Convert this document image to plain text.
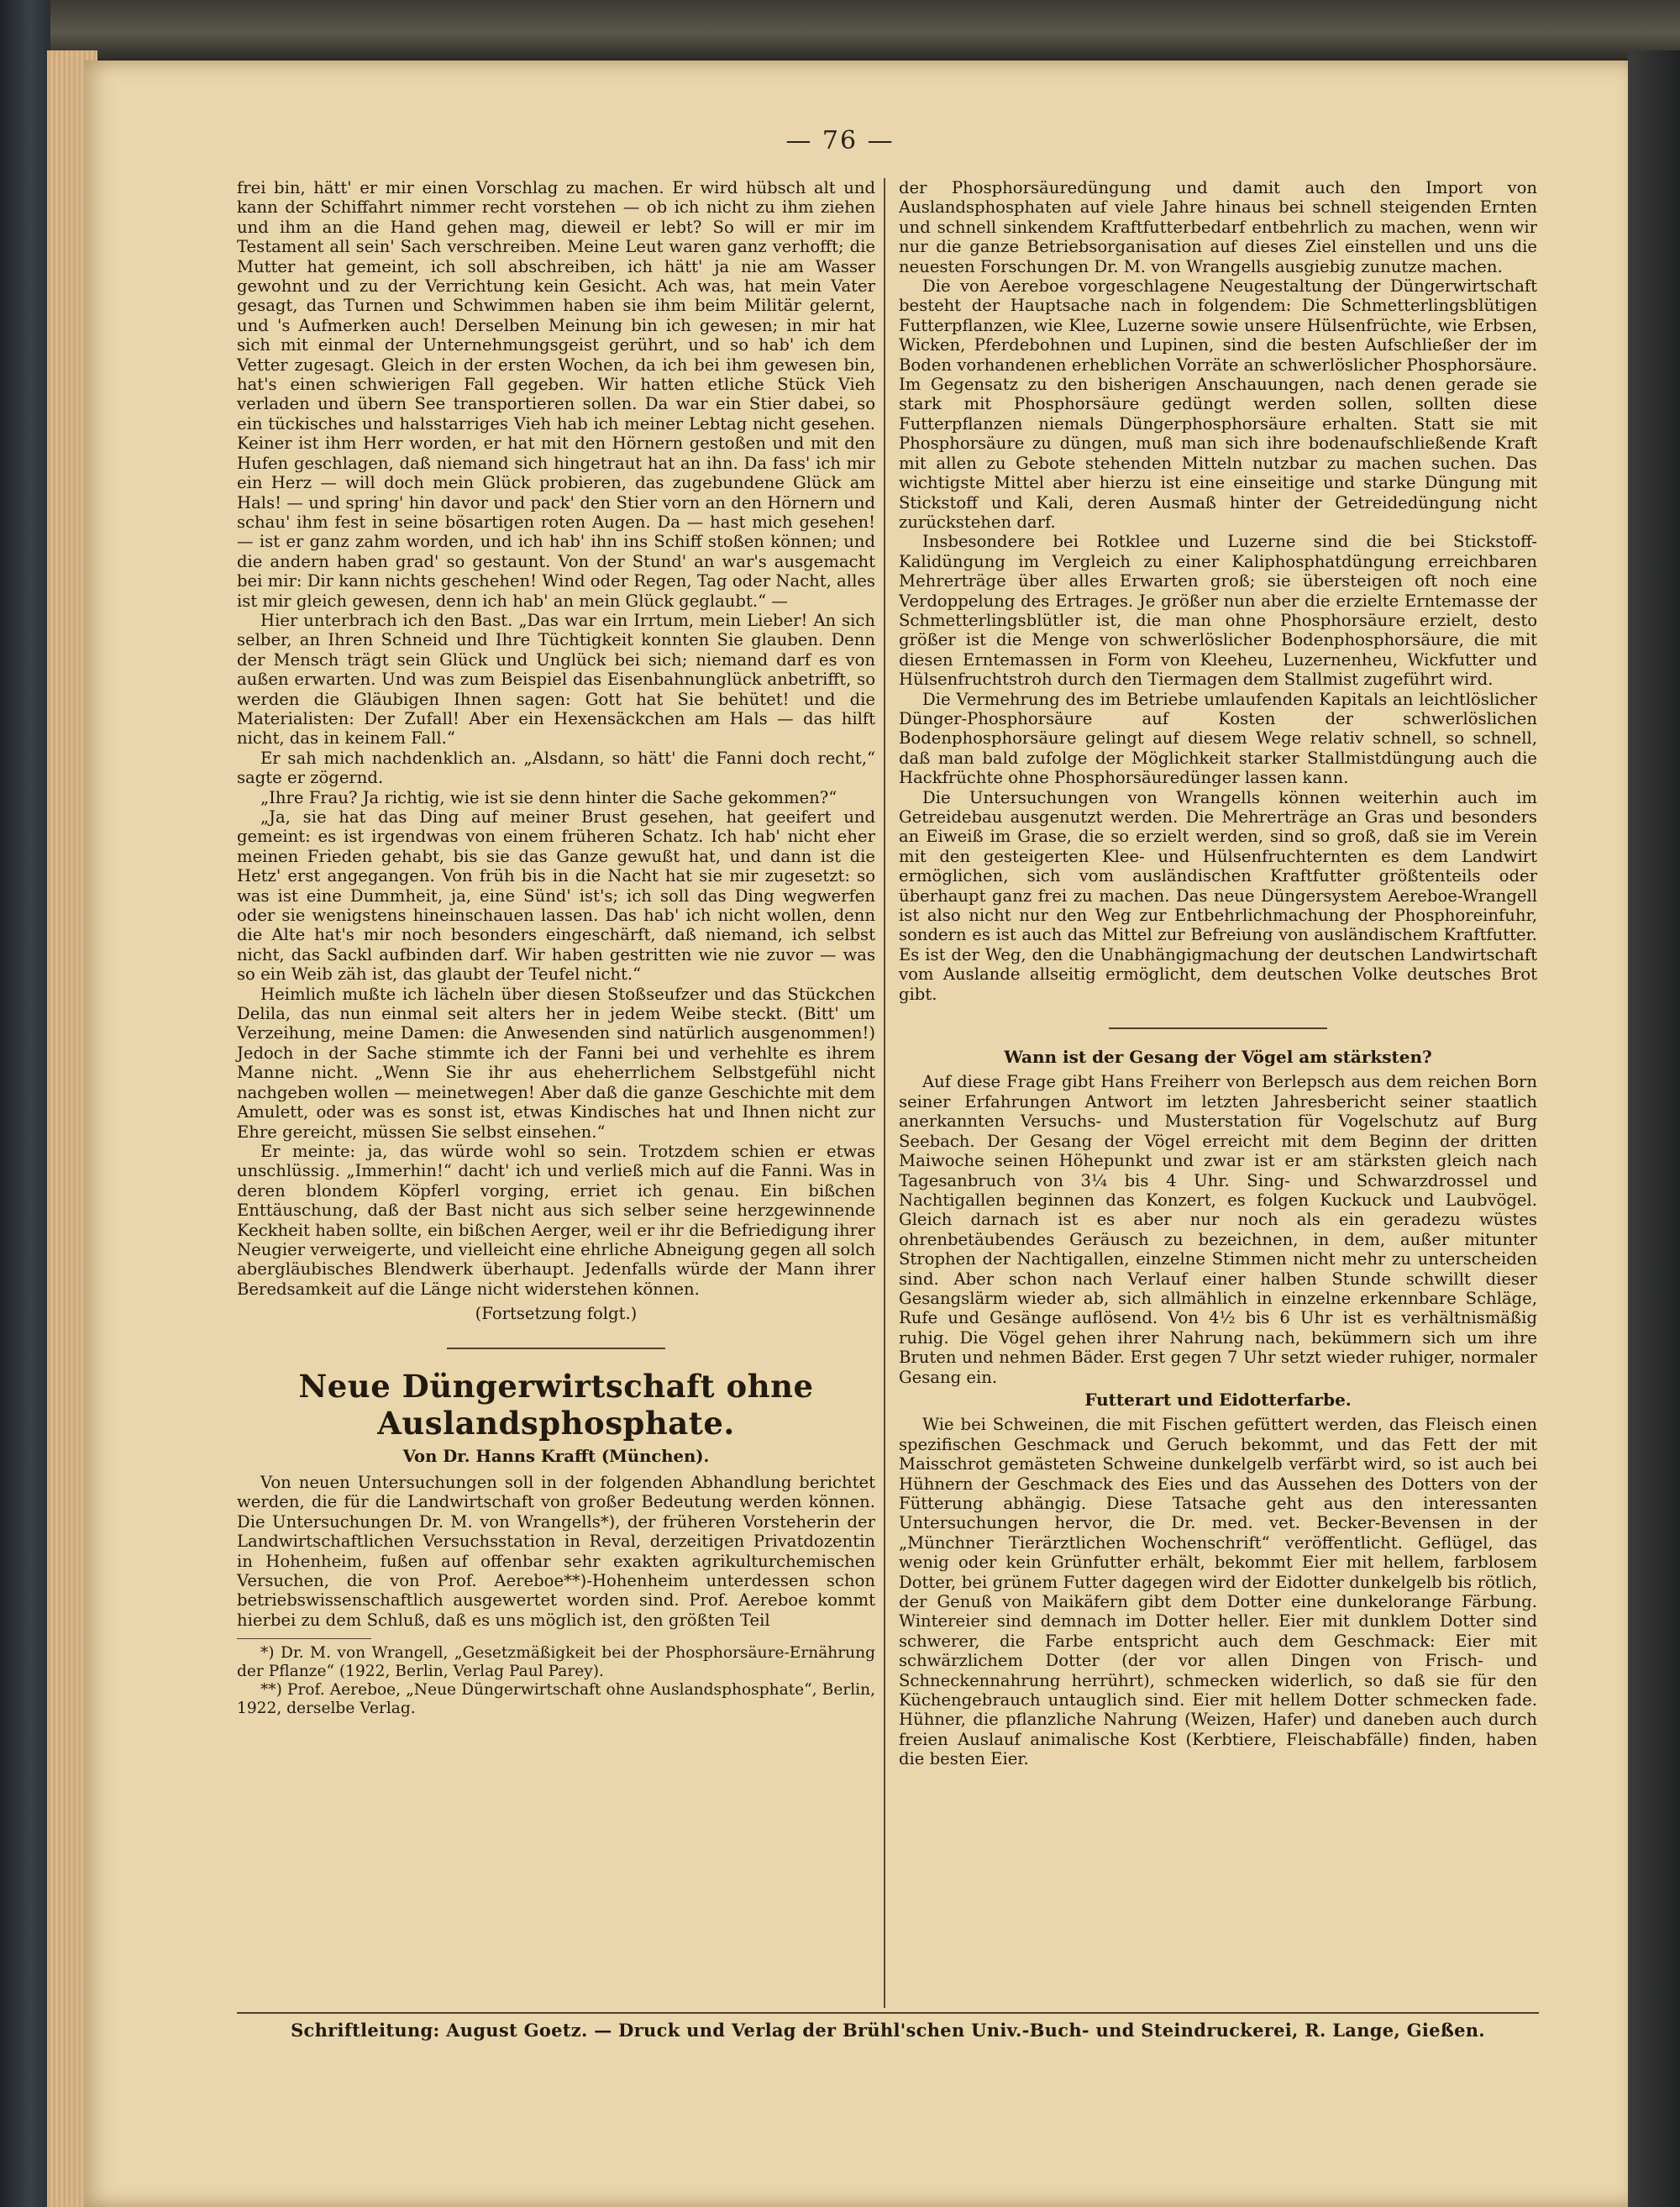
— 76 —

frei bin, hätt' er mir einen Vorschlag zu machen. Er wird hübsch alt und kann der Schiffahrt nimmer recht vorstehen — ob ich nicht zu ihm ziehen und ihm an die Hand gehen mag, dieweil er lebt? So will er mir im Testament all sein' Sach verschreiben. Meine Leut waren ganz verhofft; die Mutter hat gemeint, ich soll abschreiben, ich hätt' ja nie am Wasser gewohnt und zu der Verrichtung kein Gesicht. Ach was, hat mein Vater gesagt, das Turnen und Schwimmen haben sie ihm beim Militär gelernt, und 's Aufmerken auch! Derselben Meinung bin ich gewesen; in mir hat sich mit einmal der Unternehmungsgeist gerührt, und so hab' ich dem Vetter zugesagt. Gleich in der ersten Wochen, da ich bei ihm gewesen bin, hat's einen schwierigen Fall gegeben. Wir hatten etliche Stück Vieh verladen und übern See transportieren sollen. Da war ein Stier dabei, so ein tückisches und halsstarriges Vieh hab ich meiner Lebtag nicht gesehen. Keiner ist ihm Herr worden, er hat mit den Hörnern gestoßen und mit den Hufen geschlagen, daß niemand sich hingetraut hat an ihn. Da fass' ich mir ein Herz — will doch mein Glück probieren, das zugebundene Glück am Hals! — und spring' hin davor und pack' den Stier vorn an den Hörnern und schau' ihm fest in seine bösartigen roten Augen. Da — hast mich gesehen! — ist er ganz zahm worden, und ich hab' ihn ins Schiff stoßen können; und die andern haben grad' so gestaunt. Von der Stund' an war's ausgemacht bei mir: Dir kann nichts geschehen! Wind oder Regen, Tag oder Nacht, alles ist mir gleich gewesen, denn ich hab' an mein Glück geglaubt.“ —

Hier unterbrach ich den Bast. „Das war ein Irrtum, mein Lieber! An sich selber, an Ihren Schneid und Ihre Tüchtigkeit konnten Sie glauben. Denn der Mensch trägt sein Glück und Unglück bei sich; niemand darf es von außen erwarten. Und was zum Beispiel das Eisenbahnunglück anbetrifft, so werden die Gläubigen Ihnen sagen: Gott hat Sie behütet! und die Materialisten: Der Zufall! Aber ein Hexensäckchen am Hals — das hilft nicht, das in keinem Fall.“

Er sah mich nachdenklich an. „Alsdann, so hätt' die Fanni doch recht,“ sagte er zögernd.

„Ihre Frau? Ja richtig, wie ist sie denn hinter die Sache gekommen?“

„Ja, sie hat das Ding auf meiner Brust gesehen, hat geeifert und gemeint: es ist irgendwas von einem früheren Schatz. Ich hab' nicht eher meinen Frieden gehabt, bis sie das Ganze gewußt hat, und dann ist die Hetz' erst angegangen. Von früh bis in die Nacht hat sie mir zugesetzt: so was ist eine Dummheit, ja, eine Sünd' ist's; ich soll das Ding wegwerfen oder sie wenigstens hineinschauen lassen. Das hab' ich nicht wollen, denn die Alte hat's mir noch besonders eingeschärft, daß niemand, ich selbst nicht, das Sackl aufbinden darf. Wir haben gestritten wie nie zuvor — was so ein Weib zäh ist, das glaubt der Teufel nicht.“

Heimlich mußte ich lächeln über diesen Stoßseufzer und das Stückchen Delila, das nun einmal seit alters her in jedem Weibe steckt. (Bitt' um Verzeihung, meine Damen: die Anwesenden sind natürlich ausgenommen!) Jedoch in der Sache stimmte ich der Fanni bei und verhehlte es ihrem Manne nicht. „Wenn Sie ihr aus eheherrlichem Selbstgefühl nicht nachgeben wollen — meinetwegen! Aber daß die ganze Geschichte mit dem Amulett, oder was es sonst ist, etwas Kindisches hat und Ihnen nicht zur Ehre gereicht, müssen Sie selbst einsehen.“

Er meinte: ja, das würde wohl so sein. Trotzdem schien er etwas unschlüssig. „Immerhin!“ dacht' ich und verließ mich auf die Fanni. Was in deren blondem Köpferl vorging, erriet ich genau. Ein bißchen Enttäuschung, daß der Bast nicht aus sich selber seine herzgewinnende Keckheit haben sollte, ein bißchen Aerger, weil er ihr die Befriedigung ihrer Neugier verweigerte, und vielleicht eine ehrliche Abneigung gegen all solch abergläubisches Blendwerk überhaupt. Jedenfalls würde der Mann ihrer Beredsamkeit auf die Länge nicht widerstehen können.

(Fortsetzung folgt.)

Neue Düngerwirtschaft ohne Auslandsphosphate.

Von Dr. Hanns Krafft (München).

Von neuen Untersuchungen soll in der folgenden Abhandlung berichtet werden, die für die Landwirtschaft von großer Bedeutung werden können. Die Untersuchungen Dr. M. von Wrangells*), der früheren Vorsteherin der Landwirtschaftlichen Versuchsstation in Reval, derzeitigen Privatdozentin in Hohenheim, fußen auf offenbar sehr exakten agrikulturchemischen Versuchen, die von Prof. Aereboe**)-Hohenheim unterdessen schon betriebswissenschaftlich ausgewertet worden sind. Prof. Aereboe kommt hierbei zu dem Schluß, daß es uns möglich ist, den größten Teil

*) Dr. M. von Wrangell, „Gesetzmäßigkeit bei der Phosphorsäure-Ernährung der Pflanze“ (1922, Berlin, Verlag Paul Parey).

**) Prof. Aereboe, „Neue Düngerwirtschaft ohne Auslandsphosphate“, Berlin, 1922, derselbe Verlag.

der Phosphorsäuredüngung und damit auch den Import von Auslandsphosphaten auf viele Jahre hinaus bei schnell steigenden Ernten und schnell sinkendem Kraftfutterbedarf entbehrlich zu machen, wenn wir nur die ganze Betriebsorganisation auf dieses Ziel einstellen und uns die neuesten Forschungen Dr. M. von Wrangells ausgiebig zunutze machen.

Die von Aereboe vorgeschlagene Neugestaltung der Düngerwirtschaft besteht der Hauptsache nach in folgendem: Die Schmetterlingsblütigen Futterpflanzen, wie Klee, Luzerne sowie unsere Hülsenfrüchte, wie Erbsen, Wicken, Pferdebohnen und Lupinen, sind die besten Aufschließer der im Boden vorhandenen erheblichen Vorräte an schwerlöslicher Phosphorsäure. Im Gegensatz zu den bisherigen Anschauungen, nach denen gerade sie stark mit Phosphorsäure gedüngt werden sollen, sollten diese Futterpflanzen niemals Düngerphosphorsäure erhalten. Statt sie mit Phosphorsäure zu düngen, muß man sich ihre bodenaufschließende Kraft mit allen zu Gebote stehenden Mitteln nutzbar zu machen suchen. Das wichtigste Mittel aber hierzu ist eine einseitige und starke Düngung mit Stickstoff und Kali, deren Ausmaß hinter der Getreidedüngung nicht zurückstehen darf.

Insbesondere bei Rotklee und Luzerne sind die bei Stickstoff-Kalidüngung im Vergleich zu einer Kaliphosphatdüngung erreichbaren Mehrerträge über alles Erwarten groß; sie übersteigen oft noch eine Verdoppelung des Ertrages. Je größer nun aber die erzielte Erntemasse der Schmetterlingsblütler ist, die man ohne Phosphorsäure erzielt, desto größer ist die Menge von schwerlöslicher Bodenphosphorsäure, die mit diesen Erntemassen in Form von Kleeheu, Luzernenheu, Wickfutter und Hülsenfruchtstroh durch den Tiermagen dem Stallmist zugeführt wird.

Die Vermehrung des im Betriebe umlaufenden Kapitals an leichtlöslicher Dünger-Phosphorsäure auf Kosten der schwerlöslichen Bodenphosphorsäure gelingt auf diesem Wege relativ schnell, so schnell, daß man bald zufolge der Möglichkeit starker Stallmistdüngung auch die Hackfrüchte ohne Phosphorsäuredünger lassen kann.

Die Untersuchungen von Wrangells können weiterhin auch im Getreidebau ausgenutzt werden. Die Mehrerträge an Gras und besonders an Eiweiß im Grase, die so erzielt werden, sind so groß, daß sie im Verein mit den gesteigerten Klee- und Hülsenfruchternten es dem Landwirt ermöglichen, sich vom ausländischen Kraftfutter größtenteils oder überhaupt ganz frei zu machen. Das neue Düngersystem Aereboe-Wrangell ist also nicht nur den Weg zur Entbehrlichmachung der Phosphoreinfuhr, sondern es ist auch das Mittel zur Befreiung von ausländischem Kraftfutter. Es ist der Weg, den die Unabhängigmachung der deutschen Landwirtschaft vom Auslande allseitig ermöglicht, dem deutschen Volke deutsches Brot gibt.

Wann ist der Gesang der Vögel am stärksten?

Auf diese Frage gibt Hans Freiherr von Berlepsch aus dem reichen Born seiner Erfahrungen Antwort im letzten Jahresbericht seiner staatlich anerkannten Versuchs- und Musterstation für Vogelschutz auf Burg Seebach. Der Gesang der Vögel erreicht mit dem Beginn der dritten Maiwoche seinen Höhepunkt und zwar ist er am stärksten gleich nach Tagesanbruch von 3¼ bis 4 Uhr. Sing- und Schwarzdrossel und Nachtigallen beginnen das Konzert, es folgen Kuckuck und Laubvögel. Gleich darnach ist es aber nur noch als ein geradezu wüstes ohrenbetäubendes Geräusch zu bezeichnen, in dem, außer mitunter Strophen der Nachtigallen, einzelne Stimmen nicht mehr zu unterscheiden sind. Aber schon nach Verlauf einer halben Stunde schwillt dieser Gesangslärm wieder ab, sich allmählich in einzelne erkennbare Schläge, Rufe und Gesänge auflösend. Von 4½ bis 6 Uhr ist es verhältnismäßig ruhig. Die Vögel gehen ihrer Nahrung nach, bekümmern sich um ihre Bruten und nehmen Bäder. Erst gegen 7 Uhr setzt wieder ruhiger, normaler Gesang ein.

Futterart und Eidotterfarbe.

Wie bei Schweinen, die mit Fischen gefüttert werden, das Fleisch einen spezifischen Geschmack und Geruch bekommt, und das Fett der mit Maisschrot gemästeten Schweine dunkelgelb verfärbt wird, so ist auch bei Hühnern der Geschmack des Eies und das Aussehen des Dotters von der Fütterung abhängig. Diese Tatsache geht aus den interessanten Untersuchungen hervor, die Dr. med. vet. Becker-Bevensen in der „Münchner Tierärztlichen Wochenschrift“ veröffentlicht. Geflügel, das wenig oder kein Grünfutter erhält, bekommt Eier mit hellem, farblosem Dotter, bei grünem Futter dagegen wird der Eidotter dunkelgelb bis rötlich, der Genuß von Maikäfern gibt dem Dotter eine dunkelorange Färbung. Wintereier sind demnach im Dotter heller. Eier mit dunklem Dotter sind schwerer, die Farbe entspricht auch dem Geschmack: Eier mit schwärzlichem Dotter (der vor allen Dingen von Frisch- und Schneckennahrung herrührt), schmecken widerlich, so daß sie für den Küchengebrauch untauglich sind. Eier mit hellem Dotter schmecken fade. Hühner, die pflanzliche Nahrung (Weizen, Hafer) und daneben auch durch freien Auslauf animalische Kost (Kerbtiere, Fleischabfälle) finden, haben die besten Eier.

Schriftleitung: August Goetz. — Druck und Verlag der Brühl'schen Univ.-Buch- und Steindruckerei, R. Lange, Gießen.
